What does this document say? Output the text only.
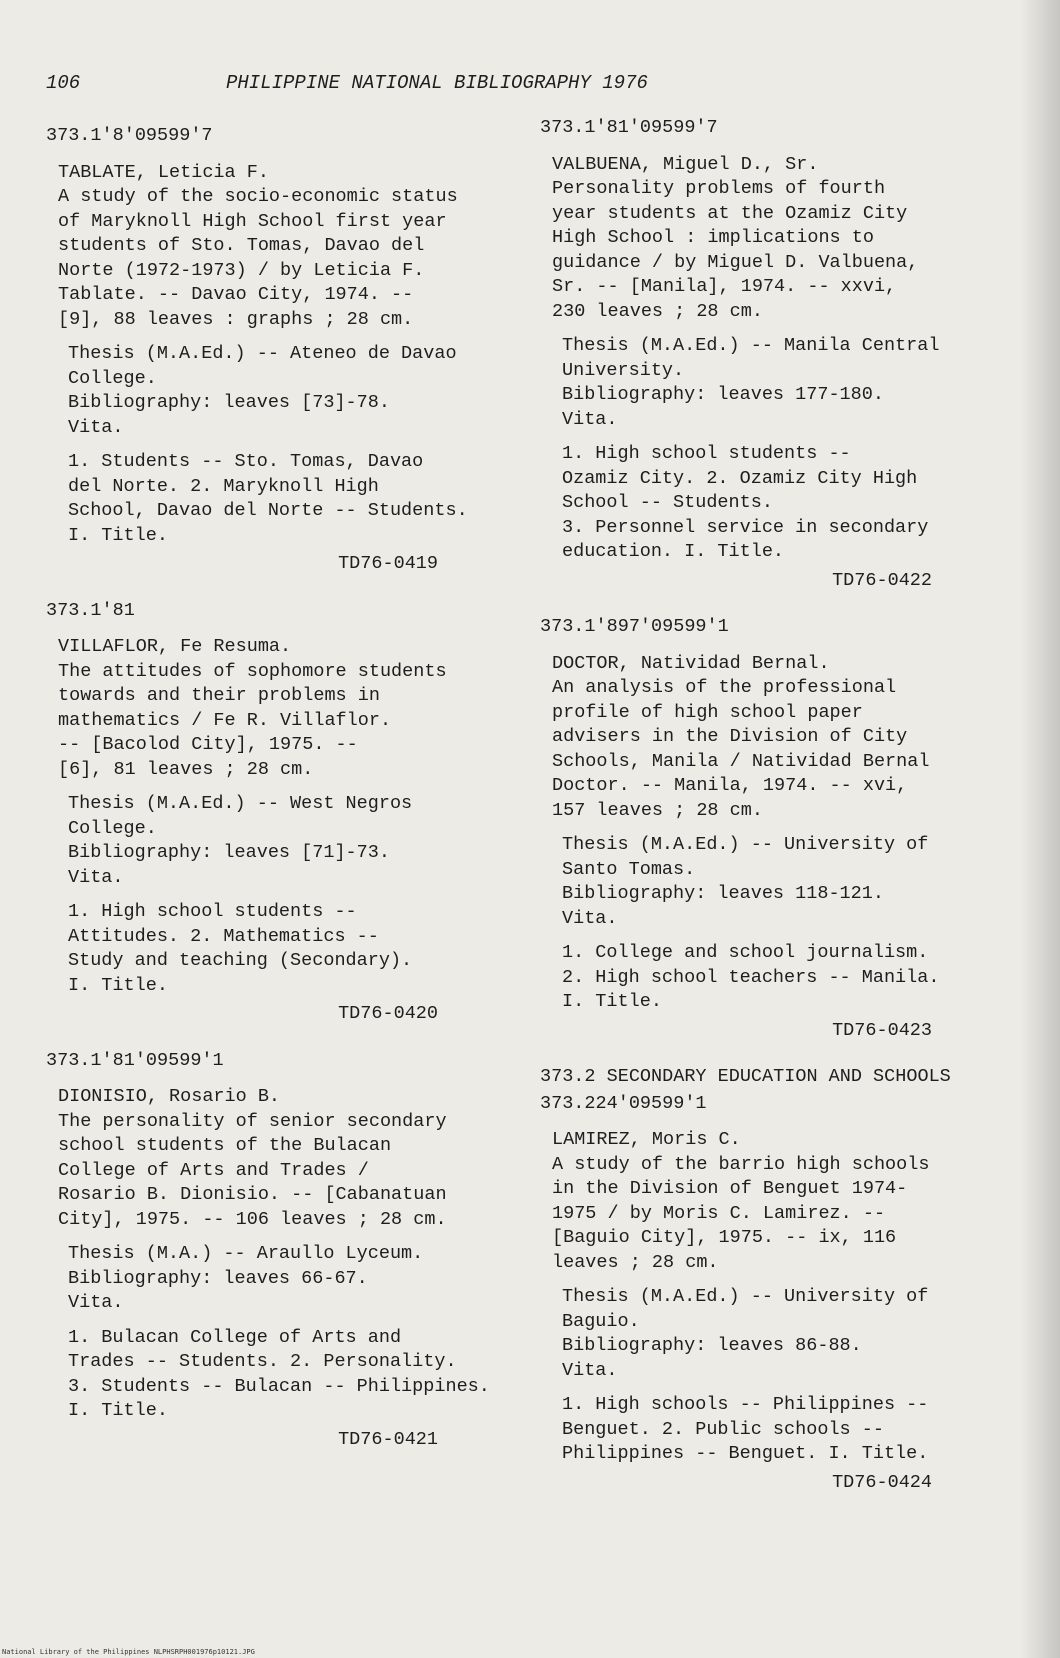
106	PHILIPPINE NATIONAL BIBLIOGRAPHY 1976
373.1'8'09599'7
TABLATE, Leticia F.
A study of the socio-economic status
of Maryknoll High School first year
students of Sto. Tomas, Davao del
Norte (1972-1973) / by Leticia F.
Tablate. -- Davao City, 1974. --
[9], 88 leaves : graphs ; 28 cm.
Thesis (M.A.Ed.) -- Ateneo de Davao
College.
Bibliography: leaves [73]-78.
Vita.
1. Students -- Sto. Tomas, Davao
del Norte. 2. Maryknoll High
School, Davao del Norte -- Students.
I. Title.
TD76-0419
373.1'81
VILLAFLOR, Fe Resuma.
The attitudes of sophomore students
towards and their problems in
mathematics / Fe R. Villaflor.
-- [Bacolod City], 1975. --
[6], 81 leaves ; 28 cm.
Thesis (M.A.Ed.) -- West Negros
College.
Bibliography: leaves [71]-73.
Vita.
1. High school students --
Attitudes. 2. Mathematics --
Study and teaching (Secondary).
I. Title.
TD76-0420
373.1'81'09599'1
DIONISIO, Rosario B.
The personality of senior secondary
school students of the Bulacan
College of Arts and Trades /
Rosario B. Dionisio. -- [Cabanatuan
City], 1975. -- 106 leaves ; 28 cm.
Thesis (M.A.) -- Araullo Lyceum.
Bibliography: leaves 66-67.
Vita.
1. Bulacan College of Arts and
Trades -- Students. 2. Personality.
3. Students -- Bulacan -- Philippines.
I. Title.
TD76-0421
373.1'81'09599'7
VALBUENA, Miguel D., Sr.
Personality problems of fourth
year students at the Ozamiz City
High School : implications to
guidance / by Miguel D. Valbuena,
Sr. -- [Manila], 1974. -- xxvi,
230 leaves ; 28 cm.
Thesis (M.A.Ed.) -- Manila Central
University.
Bibliography: leaves 177-180.
Vita.
1. High school students --
Ozamiz City. 2. Ozamiz City High
School -- Students.
3. Personnel service in secondary
education. I. Title.
TD76-0422
373.1'897'09599'1
DOCTOR, Natividad Bernal.
An analysis of the professional
profile of high school paper
advisers in the Division of City
Schools, Manila / Natividad Bernal
Doctor. -- Manila, 1974. -- xvi,
157 leaves ; 28 cm.
Thesis (M.A.Ed.) -- University of
Santo Tomas.
Bibliography: leaves 118-121.
Vita.
1. College and school journalism.
2. High school teachers -- Manila.
I. Title.
TD76-0423
373.2 SECONDARY EDUCATION AND SCHOOLS
373.224'09599'1
LAMIREZ, Moris C.
A study of the barrio high schools
in the Division of Benguet 1974-
1975 / by Moris C. Lamirez. --
[Baguio City], 1975. -- ix, 116
leaves ; 28 cm.
Thesis (M.A.Ed.) -- University of
Baguio.
Bibliography: leaves 86-88.
Vita.
1. High schools -- Philippines --
Benguet. 2. Public schools --
Philippines -- Benguet. I. Title.
TD76-0424
National Library of the Philippines NLPHSRPH001976p10121.JPG
